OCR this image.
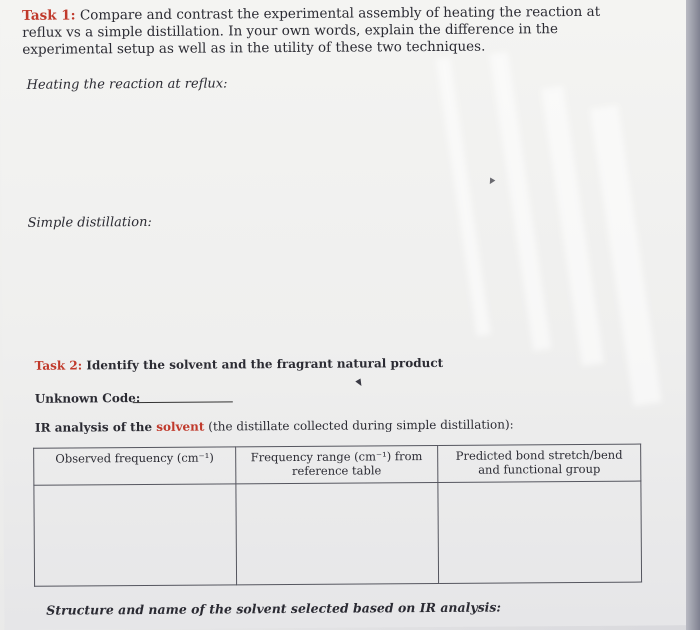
Task 1: Compare and contrast the experimental assembly of heating the reaction at reflux vs a simple distillation. In your own words, explain the difference in the experimental setup as well as in the utility of these two techniques.
Heating the reaction at reflux:
Simple distillation:
Task 2: Identify the solvent and the fragrant natural product
Unknown Code:
IR analysis of the solvent (the distillate collected during simple distillation):
Observed frequency (cm⁻¹)	Frequency range (cm⁻¹) from reference table	Predicted bond stretch/bend and functional group

Structure and name of the solvent selected based on IR analysis:
